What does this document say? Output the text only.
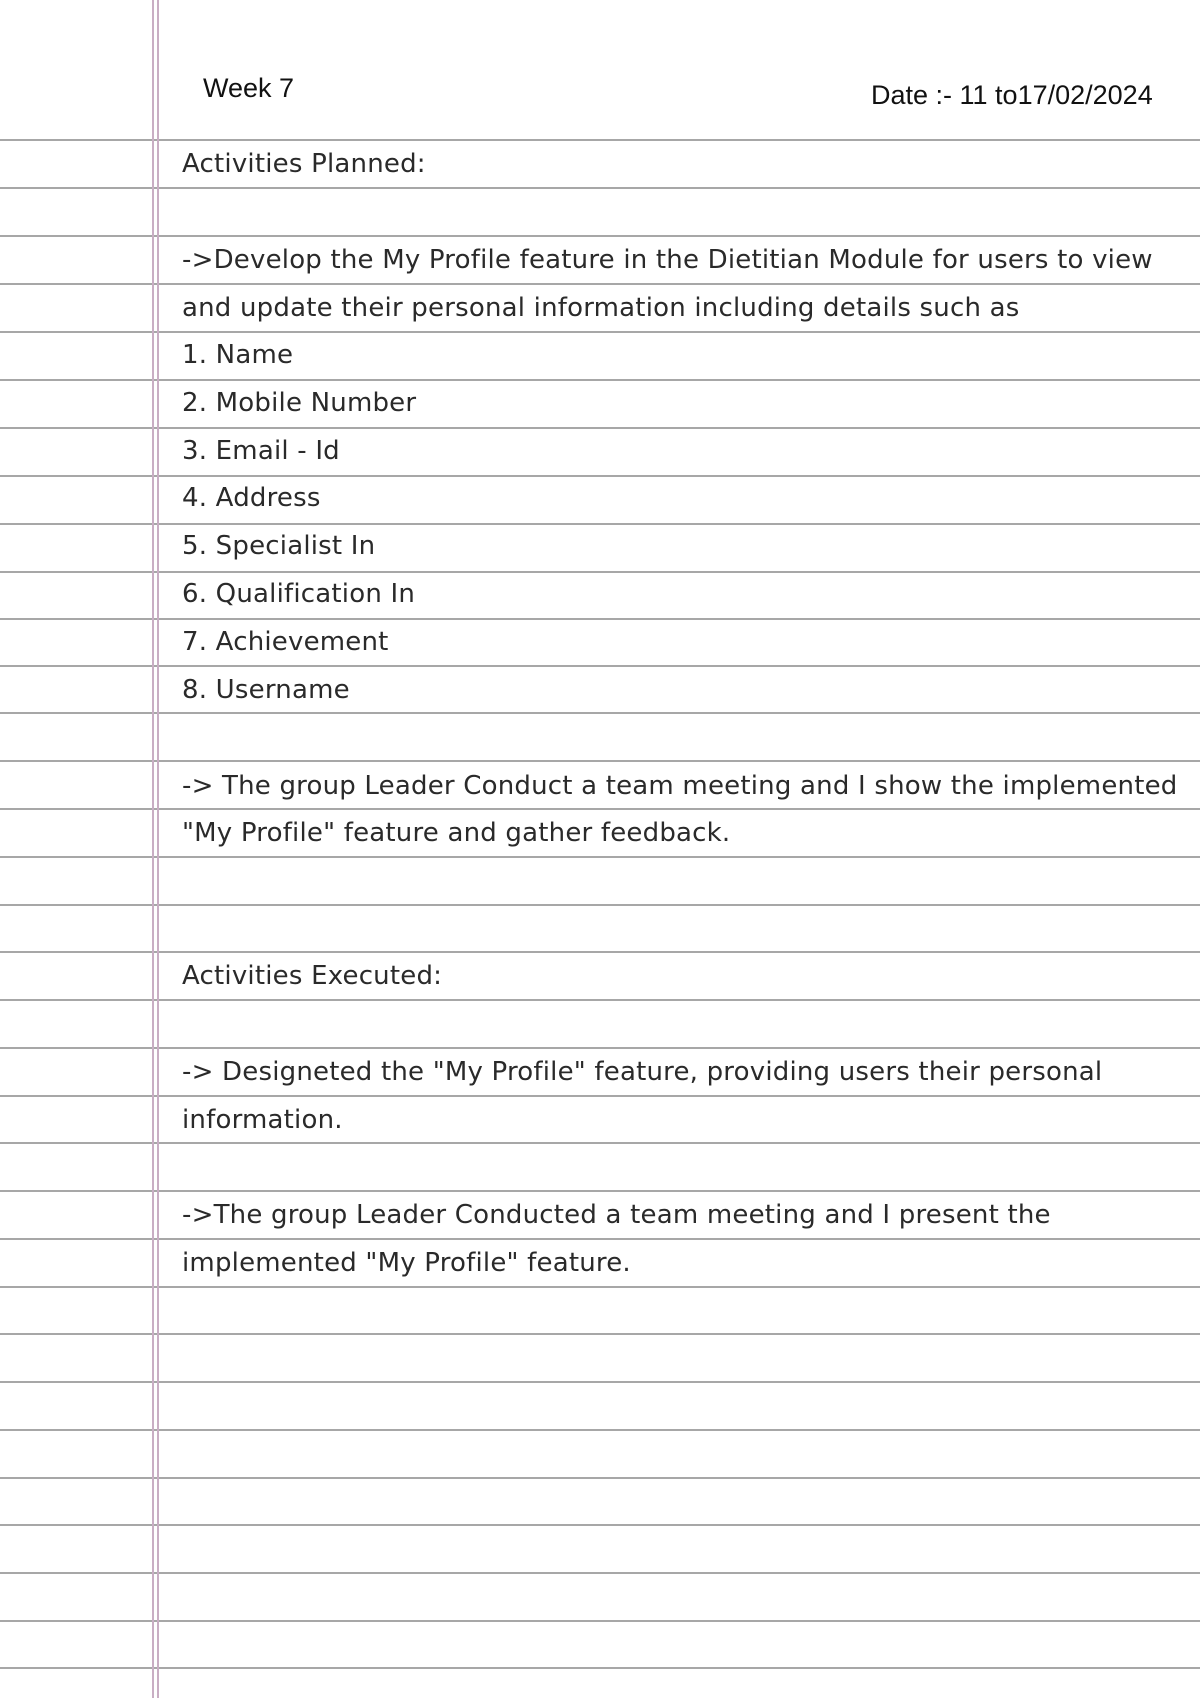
Week 7	Date :- 11 to17/02/2024
Activities Planned:
->Develop the My Profile feature in the Dietitian Module for users to view
and update their personal information including details such as
1. Name
2. Mobile Number
3. Email - Id
4. Address
5. Specialist In
6. Qualification In
7. Achievement
8. Username
-> The group Leader Conduct a team meeting and I show the implemented
"My Profile" feature and gather feedback.
Activities Executed:
-> Designeted the "My Profile" feature, providing users their personal
information.
->The group Leader Conducted a team meeting and I present the
implemented "My Profile" feature.
